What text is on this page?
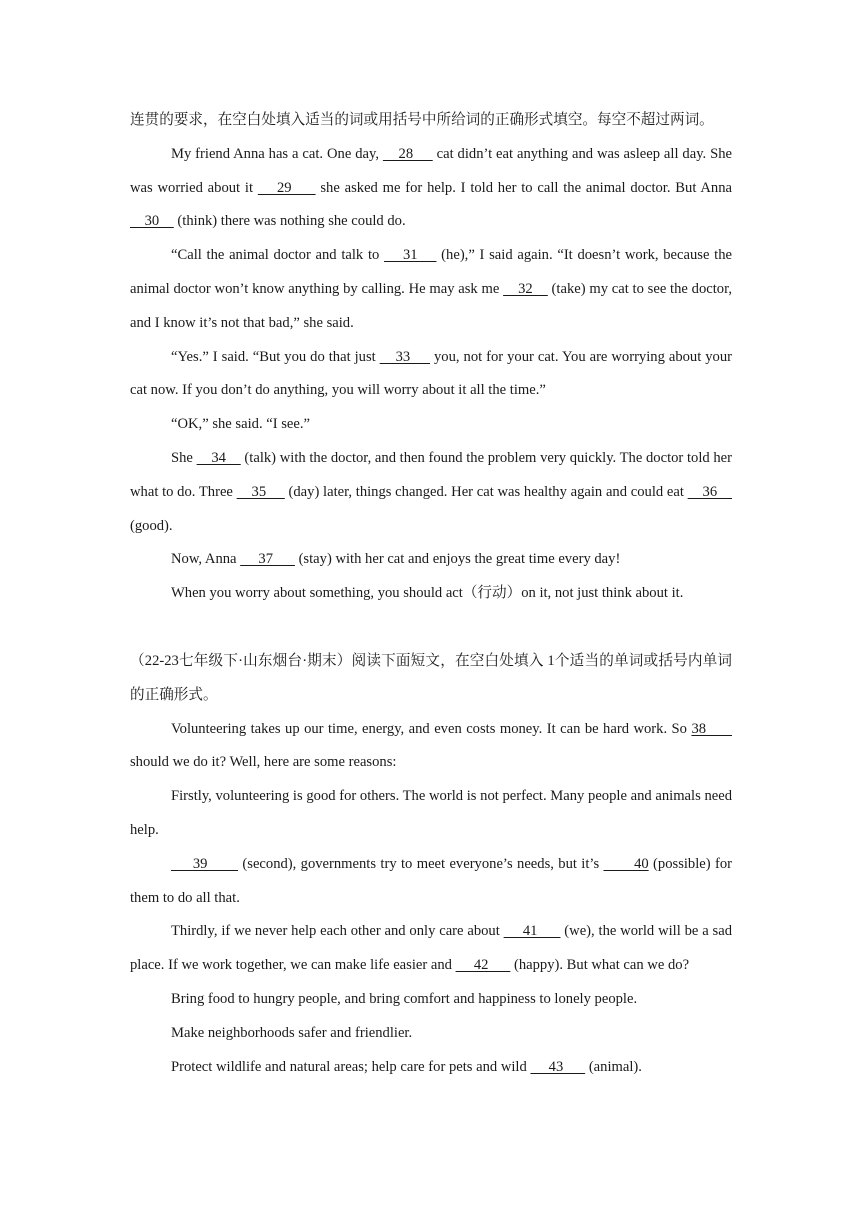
连贯的要求，在空白处填入适当的词或用括号中所给词的正确形式填空。每空不超过两词。

My friend Anna has a cat. One day,     28      cat didn’t eat anything and was asleep all day. She was worried about it     29      she asked me for help. I told her to call the animal doctor. But Anna     30     (think) there was nothing she could do.

“Call the animal doctor and talk to     31     (he),” I said again. “It doesn’t work, because the animal doctor won’t know anything by calling. He may ask me     32     (take) my cat to see the doctor, and I know it’s not that bad,” she said.

“Yes.” I said. “But you do that just     33      you, not for your cat. You are worrying about your cat now. If you don’t do anything, you will worry about it all the time.”

“OK,” she said. “I see.”

She     34     (talk) with the doctor, and then found the problem very quickly. The doctor told her what to do. Three     35      (day) later, things changed. Her cat was healthy again and could eat     36     (good).

Now, Anna      37       (stay) with her cat and enjoys the great time every day!

When you worry about something, you should act（行动）on it, not just think about it.

（22-23七年级下·山东烟台·期末）阅读下面短文，在空白处填入 1个适当的单词或括号内单词的正确形式。

Volunteering takes up our time, energy, and even costs money. It can be hard work. So 38       should we do it? Well, here are some reasons:

Firstly, volunteering is good for others. The world is not perfect. Many people and animals need help.

39        (second), governments try to meet everyone’s needs, but it’s        40 (possible) for them to do all that.

Thirdly, if we never help each other and only care about      41       (we), the world will be a sad place. If we work together, we can make life easier and      42       (happy). But what can we do?

Bring food to hungry people, and bring comfort and happiness to lonely people.

Make neighborhoods safer and friendlier.

Protect wildlife and natural areas; help care for pets and wild      43       (animal).
